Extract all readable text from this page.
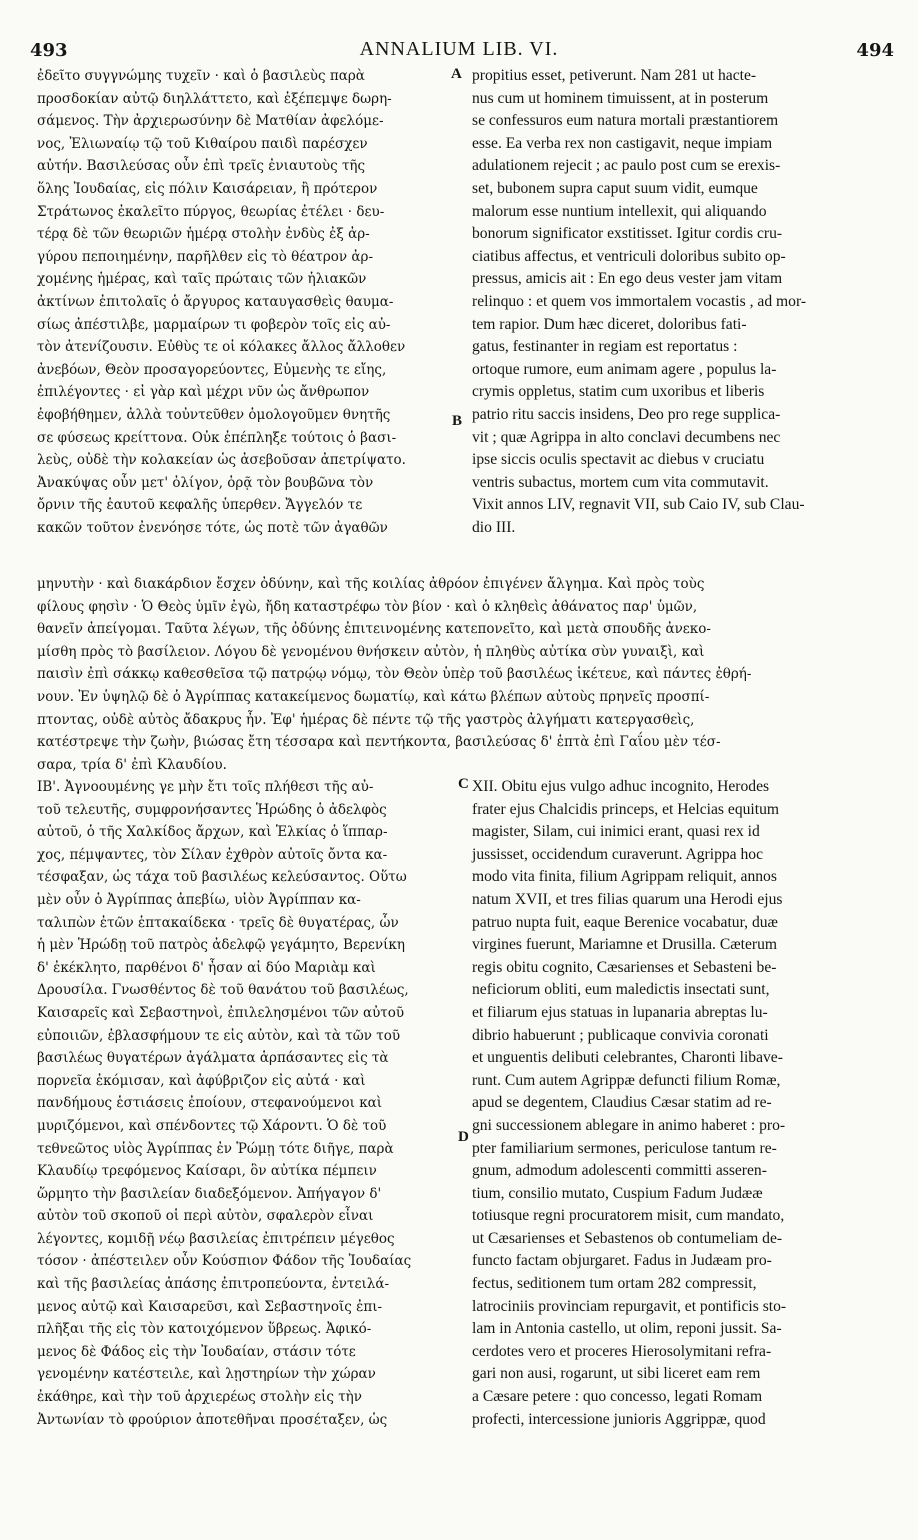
493	ANNALIUM LIB. VI.	494

ἐδεῖτο συγγνώμης τυχεῖν · καὶ ὁ βασιλεὺς παρὰ
προσδοκίαν αὐτῷ διηλλάττετο, καὶ ἐξέπεμψε δωρη-
σάμενος. Τὴν ἀρχιερωσύνην δὲ Ματθίαν ἀφελόμε-
νος, Ἐλιωναίῳ τῷ τοῦ Κιθαίρου παιδὶ παρέσχεν
αὐτήν. Βασιλεύσας οὖν ἐπὶ τρεῖς ἐνιαυτοὺς τῆς
ὅλης Ἰουδαίας, εἰς πόλιν Καισάρειαν, ἢ πρότερον
Στράτωνος ἐκαλεῖτο πύργος, θεωρίας ἐτέλει · δευ-
τέρᾳ δὲ τῶν θεωριῶν ἡμέρᾳ στολὴν ἐνδὺς ἐξ ἀρ-
γύρου πεποιημένην, παρῆλθεν εἰς τὸ θέατρον ἀρ-
χομένης ἡμέρας, καὶ ταῖς πρώταις τῶν ἡλιακῶν
ἀκτίνων ἐπιτολαῖς ὁ ἄργυρος καταυγασθεὶς θαυμα-
σίως ἀπέστιλβε, μαρμαίρων τι φοβερὸν τοῖς εἰς αὐ-
τὸν ἀτενίζουσιν. Εὐθὺς τε οἱ κόλακες ἄλλος ἄλλοθεν
ἀνεβόων, Θεὸν προσαγορεύοντες, Εὐμενὴς τε εἴης,
ἐπιλέγοντες · εἰ γὰρ καὶ μέχρι νῦν ὡς ἄνθρωπον
ἐφοβήθημεν, ἀλλὰ τοὐντεῦθεν ὁμολογοῦμεν θνητῆς
σε φύσεως κρείττονα. Οὐκ ἐπέπληξε τούτοις ὁ βασι-
λεὺς, οὐδὲ τὴν κολακείαν ὡς ἀσεβοῦσαν ἀπετρίψατο.
Ἀνακύψας οὖν μετ' ὀλίγον, ὁρᾷ τὸν βουβῶνα τὸν
ὄρνιν τῆς ἑαυτοῦ κεφαλῆς ὑπερθεν. Ἄγγελόν τε
κακῶν τοῦτον ἐνενόησε τότε, ὡς ποτὲ τῶν ἀγαθῶν

propitius esset, petiverunt. Nam 281 ut hacte-
nus cum ut hominem timuissent, at in posterum
se confessuros eum natura mortali præstantiorem
esse. Ea verba rex non castigavit, neque impiam
adulationem rejecit ; ac paulo post cum se erexis-
set, bubonem supra caput suum vidit, eumque
malorum esse nuntium intellexit, qui aliquando
bonorum significator exstitisset. Igitur cordis cru-
ciatibus affectus, et ventriculi doloribus subito op-
pressus, amicis ait : En ego deus vester jam vitam
relinquo : et quem vos immortalem vocastis , ad mor-
tem rapior. Dum hæc diceret, doloribus fati-
gatus, festinanter in regiam est reportatus :
ortoque rumore, eum animam agere , populus la-
crymis oppletus, statim cum uxoribus et liberis
patrio ritu saccis insidens, Deo pro rege supplica-
vit ; quæ Agrippa in alto conclavi decumbens nec
ipse siccis oculis spectavit ac diebus v cruciatu
ventris subactus, mortem cum vita commutavit.
Vixit annos LIV, regnavit VII, sub Caio IV, sub Clau-
dio III.

μηνυτὴν · καὶ διακάρδιον ἔσχεν ὀδύνην, καὶ τῆς κοιλίας ἀθρόον ἐπιγένεν ἄλγημα. Καὶ πρὸς τοὺς
φίλους φησὶν · Ὁ Θεὸς ὑμῖν ἐγὼ, ἤδη καταστρέφω τὸν βίον · καὶ ὁ κληθεὶς ἀθάνατος παρ' ὑμῶν,
θανεῖν ἀπείγομαι. Ταῦτα λέγων, τῆς ὀδύνης ἐπιτεινομένης κατεπονεῖτο, καὶ μετὰ σπουδῆς ἀνεκο-
μίσθη πρὸς τὸ βασίλειον. Λόγου δὲ γενομένου θνήσκειν αὐτὸν, ἡ πληθὺς αὐτίκα σὺν γυναιξὶ, καὶ
παισὶν ἐπὶ σάκκῳ καθεσθεῖσα τῷ πατρῴῳ νόμῳ, τὸν Θεὸν ὑπὲρ τοῦ βασιλέως ἱκέτευε, καὶ πάντες ἐθρή-
νουν. Ἐν ὑψηλῷ δὲ ὁ Ἀγρίππας κατακείμενος δωματίῳ, καὶ κάτω βλέπων αὐτοὺς πρηνεῖς προσπί-
πτοντας, οὐδὲ αὐτὸς ἄδακρυς ἦν. Ἐφ' ἡμέρας δὲ πέντε τῷ τῆς γαστρὸς ἀλγήματι κατεργασθεὶς,
κατέστρεψε τὴν ζωὴν, βιώσας ἔτη τέσσαρα καὶ πεντήκοντα, βασιλεύσας δ' ἑπτὰ ἐπὶ Γαΐου μὲν τέσ-
σαρα, τρία δ' ἐπὶ Κλαυδίου.

ΙΒ'. Ἀγνοουμένης γε μὴν ἔτι τοῖς πλήθεσι τῆς αὐ-
τοῦ τελευτῆς, συμφρονήσαντες Ἡρώδης ὁ ἀδελφὸς
αὐτοῦ, ὁ τῆς Χαλκίδος ἄρχων, καὶ Ἑλκίας ὁ ἵππαρ-
χος, πέμψαντες, τὸν Σίλαν ἐχθρὸν αὐτοῖς ὄντα κα-
τέσφαξαν, ὡς τάχα τοῦ βασιλέως κελεύσαντος. Οὕτω
μὲν οὖν ὁ Ἀγρίππας ἀπεβίω, υἱὸν Ἀγρίππαν κα-
ταλιπὼν ἐτῶν ἑπτακαίδεκα · τρεῖς δὲ θυγατέρας, ὧν
ἡ μὲν Ἡρώδῃ τοῦ πατρὸς ἀδελφῷ γεγάμητο, Βερενίκη
δ' ἐκέκλητο, παρθένοι δ' ἦσαν αἱ δύο Μαριὰμ καὶ
Δρουσίλα. Γνωσθέντος δὲ τοῦ θανάτου τοῦ βασιλέως,
Καισαρεῖς καὶ Σεβαστηνοὶ, ἐπιλελησμένοι τῶν αὐτοῦ
εὐποιιῶν, ἐβλασφήμουν τε εἰς αὐτὸν, καὶ τὰ τῶν τοῦ
βασιλέως θυγατέρων ἀγάλματα ἁρπάσαντες εἰς τὰ
πορνεῖα ἐκόμισαν, καὶ ἀφύβριζον εἰς αὐτά · καὶ
πανδήμους ἑστιάσεις ἐποίουν, στεφανούμενοι καὶ
μυριζόμενοι, καὶ σπένδοντες τῷ Χάροντι. Ὁ δὲ τοῦ
τεθνεῶτος υἱὸς Ἀγρίππας ἐν Ῥώμῃ τότε διῆγε, παρὰ
Κλαυδίῳ τρεφόμενος Καίσαρι, ὃν αὐτίκα πέμπειν
ὥρμητο τὴν βασιλείαν διαδεξόμενον. Ἀπήγαγον δ'
αὐτὸν τοῦ σκοποῦ οἱ περὶ αὐτὸν, σφαλερὸν εἶναι
λέγοντες, κομιδῇ νέῳ βασιλείας ἐπιτρέπειν μέγεθος
τόσον · ἀπέστειλεν οὖν Κούσπιον Φάδον τῆς Ἰουδαίας
καὶ τῆς βασιλείας ἁπάσης ἐπιτροπεύοντα, ἐντειλά-
μενος αὐτῷ καὶ Καισαρεῦσι, καὶ Σεβαστηνοῖς ἐπι-
πλῆξαι τῆς εἰς τὸν κατοιχόμενον ὕβρεως. Ἀφικό-
μενος δὲ Φάδος εἰς τὴν Ἰουδαίαν, στάσιν τότε
γενομένην κατέστειλε, καὶ λῃστηρίων τὴν χώραν
ἐκάθηρε, καὶ τὴν τοῦ ἀρχιερέως στολὴν εἰς τὴν
Ἀντωνίαν τὸ φρούριον ἀποτεθῆναι προσέταξεν, ὡς

XII. Obitu ejus vulgo adhuc incognito, Herodes
frater ejus Chalcidis princeps, et Helcias equitum
magister, Silam, cui inimici erant, quasi rex id
jussisset, occidendum curaverunt. Agrippa hoc
modo vita finita, filium Agrippam reliquit, annos
natum XVII, et tres filias quarum una Herodi ejus
patruo nupta fuit, eaque Berenice vocabatur, duæ
virgines fuerunt, Mariamne et Drusilla. Cæterum
regis obitu cognito, Cæsarienses et Sebasteni be-
neficiorum obliti, eum maledictis insectati sunt,
et filiarum ejus statuas in lupanaria abreptas lu-
dibrio habuerunt ; publicaque convivia coronati
et unguentis delibuti celebrantes, Charonti libave-
runt. Cum autem Agrippæ defuncti filium Romæ,
apud se degentem, Claudius Cæsar statim ad re-
gni successionem ablegare in animo haberet : pro-
pter familiarium sermones, periculose tantum re-
gnum, admodum adolescenti committi asseren-
tium, consilio mutato, Cuspium Fadum Judææ
totiusque regni procuratorem misit, cum mandato,
ut Cæsarienses et Sebastenos ob contumeliam de-
functo factam objurgaret. Fadus in Judæam pro-
fectus, seditionem tum ortam 282 compressit,
latrociniis provinciam repurgavit, et pontificis sto-
lam in Antonia castello, ut olim, reponi jussit. Sa-
cerdotes vero et proceres Hierosolymitani refra-
gari non ausi, rogarunt, ut sibi liceret eam rem
a Cæsare petere : quo concesso, legati Romam
profecti, intercessione junioris Aggrippæ, quod

A
B
C
D
